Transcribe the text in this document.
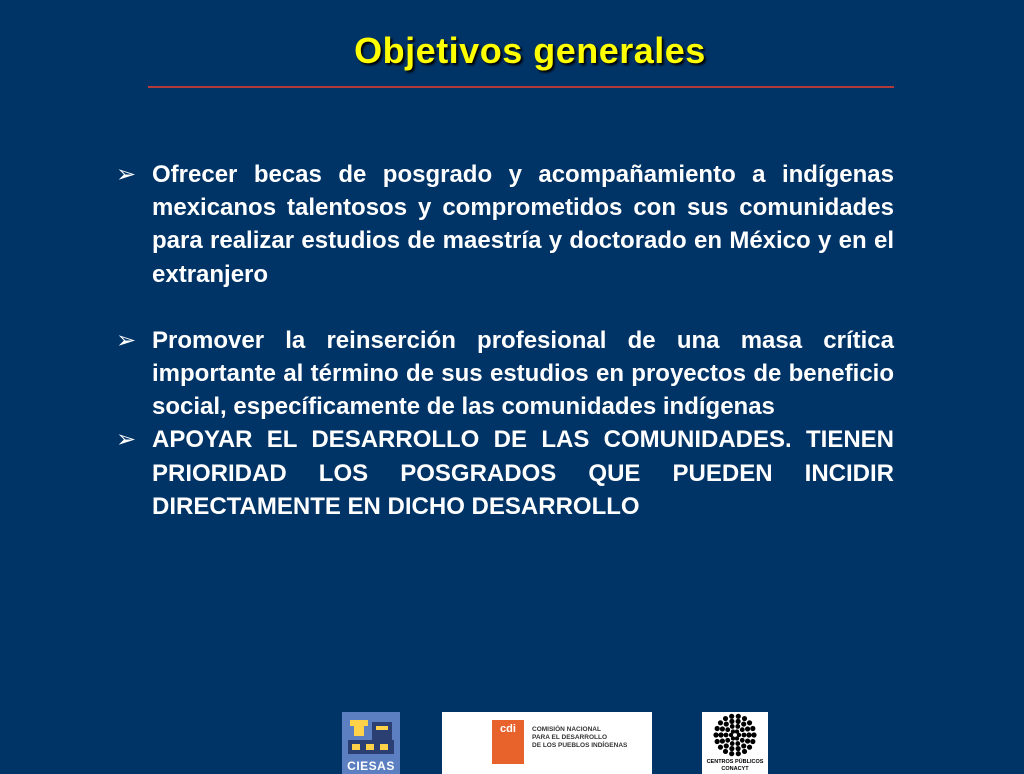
Objetivos generales
➢ Ofrecer becas de posgrado y acompañamiento a indígenas mexicanos talentosos y comprometidos con sus comunidades para realizar estudios de maestría y doctorado en México y en el extranjero
➢ Promover la reinserción profesional de una masa crítica importante al término de sus estudios en proyectos de beneficio social, específicamente de las comunidades indígenas
➢ APOYAR EL DESARROLLO DE LAS COMUNIDADES. TIENEN PRIORIDAD LOS POSGRADOS QUE PUEDEN INCIDIR DIRECTAMENTE EN DICHO DESARROLLO
CIESAS
cdi	COMISIÓN NACIONAL
PARA EL DESARROLLO
DE LOS PUEBLOS INDÍGENAS
CENTROS PÚBLICOS
CONACYT
